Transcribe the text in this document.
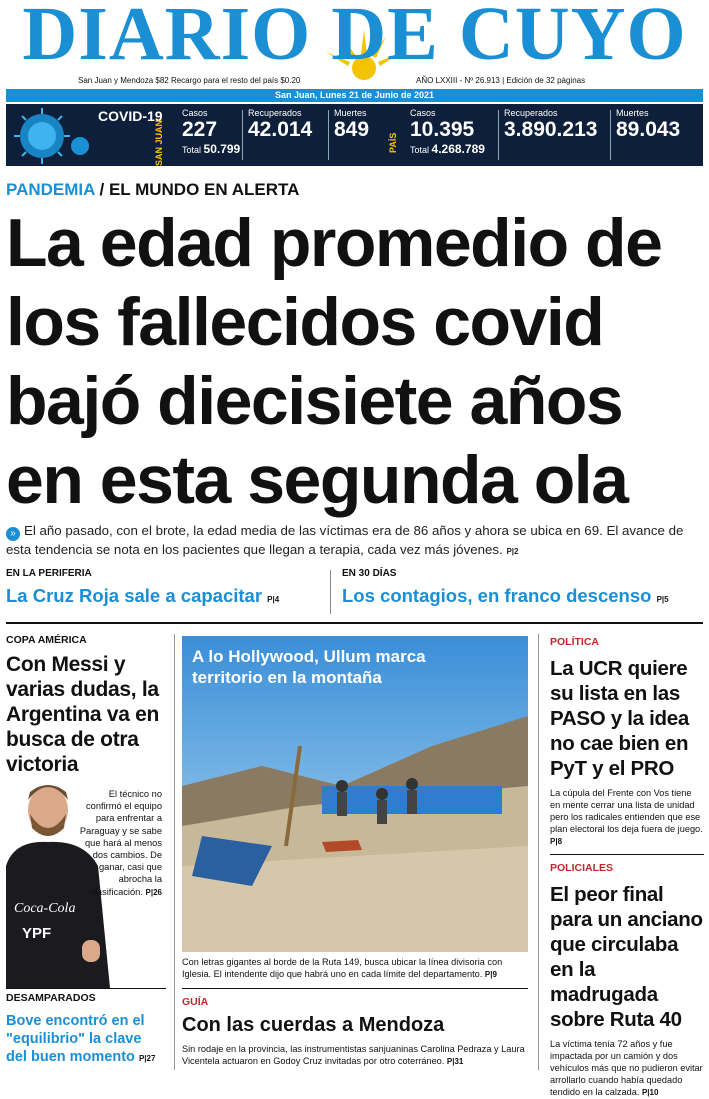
DIARIO DE CUYO
San Juan y Mendoza $82 Recargo para el resto del país $0.20	AÑO LXXIII - Nº 26.913 | Edición de 32 páginas
San Juan, Lunes 21 de Junio de 2021
COVID-19
SAN JUAN
Casos
227
Total 50.799
Recuperados
42.014
Muertes
849
PAÍS
Casos
10.395
Total 4.268.789
Recuperados
3.890.213
Muertes
89.043
PANDEMIA / EL MUNDO EN ALERTA
La edad promedio de los fallecidos covid bajó diecisiete años en esta segunda ola
» El año pasado, con el brote, la edad media de las víctimas era de 86 años y ahora se ubica en 69. El avance de esta tendencia se nota en los pacientes que llegan a terapia, cada vez más jóvenes. P|2
EN LA PERIFERIA
La Cruz Roja sale a capacitar P|4
EN 30 DÍAS
Los contagios, en franco descenso P|5
COPA AMÉRICA
Con Messi y varias dudas, la Argentina va en busca de otra victoria
Coca-Cola
YPF
El técnico no confirmó el equipo para enfrentar a Paraguay y se sabe que hará al menos dos cambios. De ganar, casi que abrocha la clasificación. P|26
DESAMPARADOS
Bove encontró en el "equilibrio" la clave del buen momento P|27
A lo Hollywood, Ullum marca territorio en la montaña
Con letras gigantes al borde de la Ruta 149, busca ubicar la línea divisoria con Iglesia. El intendente dijo que habrá uno en cada límite del departamento. P|9
GUÍA
Con las cuerdas a Mendoza
Sin rodaje en la provincia, las instrumentistas sanjuaninas Carolina Pedraza y Laura Vicentela actuaron en Godoy Cruz invitadas por otro coterráneo. P|31
POLÍTICA
La UCR quiere su lista en las PASO y la idea no cae bien en PyT y el PRO
La cúpula del Frente con Vos tiene en mente cerrar una lista de unidad pero los radicales entienden que ese plan electoral los deja fuera de juego. P|8
POLICIALES
El peor final para un anciano que circulaba en la madrugada sobre Ruta 40
La víctima tenía 72 años y fue impactada por un camión y dos vehículos más que no pudieron evitar arrollarlo cuando había quedado tendido en la calzada. P|10
